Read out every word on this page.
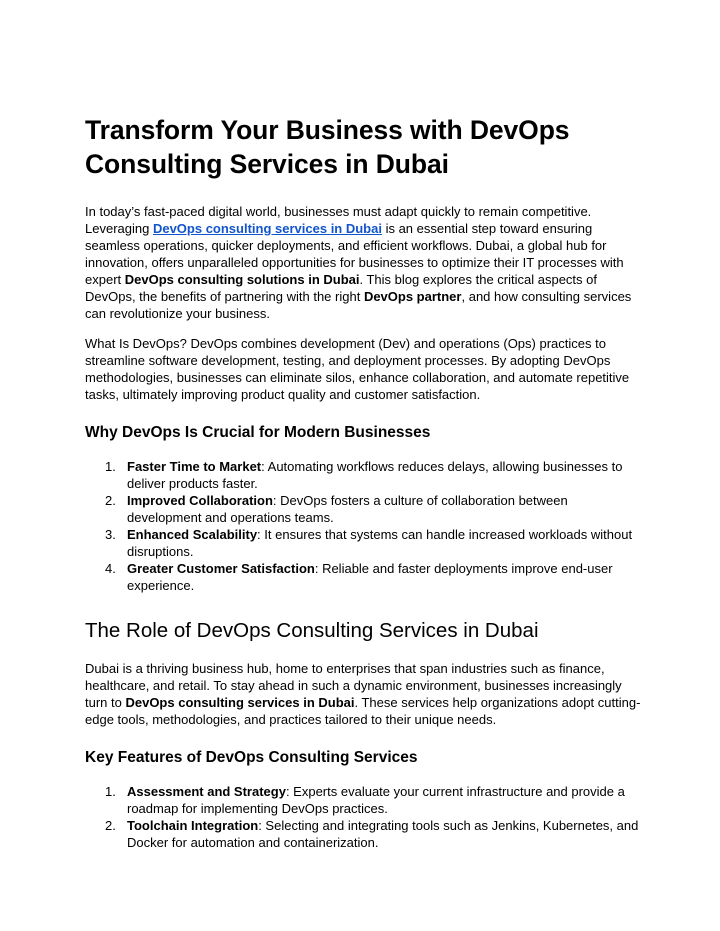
Transform Your Business with DevOps Consulting Services in Dubai

In today’s fast-paced digital world, businesses must adapt quickly to remain competitive. Leveraging DevOps consulting services in Dubai is an essential step toward ensuring seamless operations, quicker deployments, and efficient workflows. Dubai, a global hub for innovation, offers unparalleled opportunities for businesses to optimize their IT processes with expert DevOps consulting solutions in Dubai. This blog explores the critical aspects of DevOps, the benefits of partnering with the right DevOps partner, and how consulting services can revolutionize your business.

What Is DevOps? DevOps combines development (Dev) and operations (Ops) practices to streamline software development, testing, and deployment processes. By adopting DevOps methodologies, businesses can eliminate silos, enhance collaboration, and automate repetitive tasks, ultimately improving product quality and customer satisfaction.

Why DevOps Is Crucial for Modern Businesses
1. Faster Time to Market: Automating workflows reduces delays, allowing businesses to deliver products faster.
2. Improved Collaboration: DevOps fosters a culture of collaboration between development and operations teams.
3. Enhanced Scalability: It ensures that systems can handle increased workloads without disruptions.
4. Greater Customer Satisfaction: Reliable and faster deployments improve end-user experience.
The Role of DevOps Consulting Services in Dubai

Dubai is a thriving business hub, home to enterprises that span industries such as finance, healthcare, and retail. To stay ahead in such a dynamic environment, businesses increasingly turn to DevOps consulting services in Dubai. These services help organizations adopt cutting-edge tools, methodologies, and practices tailored to their unique needs.

Key Features of DevOps Consulting Services
1. Assessment and Strategy: Experts evaluate your current infrastructure and provide a roadmap for implementing DevOps practices.
2. Toolchain Integration: Selecting and integrating tools such as Jenkins, Kubernetes, and Docker for automation and containerization.
